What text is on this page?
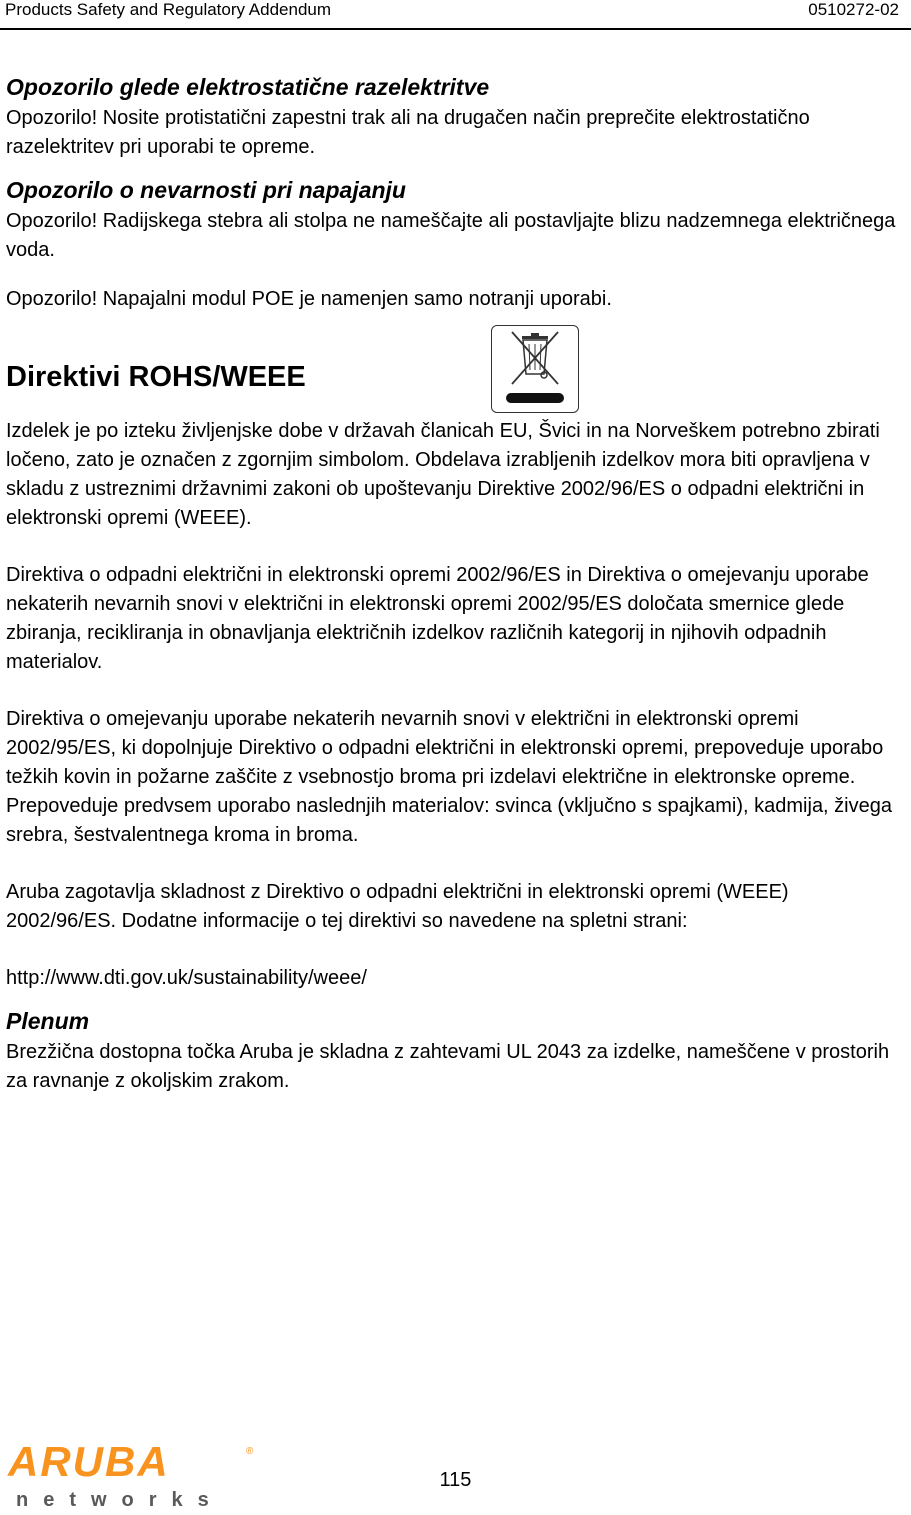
Products Safety and Regulatory Addendum	0510272-02
Opozorilo glede elektrostatične razelektritve

Opozorilo! Nosite protistatični zapestni trak ali na drugačen način preprečite elektrostatično razelektritev pri uporabi te opreme.

Opozorilo o nevarnosti pri napajanju

Opozorilo! Radijskega stebra ali stolpa ne nameščajte ali postavljajte blizu nadzemnega električnega voda.

Opozorilo! Napajalni modul POE je namenjen samo notranji uporabi.

Direktivi ROHS/WEEE

Izdelek je po izteku življenjske dobe v državah članicah EU, Švici in na Norveškem potrebno zbirati ločeno, zato je označen z zgornjim simbolom. Obdelava izrabljenih izdelkov mora biti opravljena v skladu z ustreznimi državnimi zakoni ob upoštevanju Direktive 2002/96/ES o odpadni električni in elektronski opremi (WEEE).

Direktiva o odpadni električni in elektronski opremi 2002/96/ES in Direktiva o omejevanju uporabe nekaterih nevarnih snovi v električni in elektronski opremi 2002/95/ES določata smernice glede zbiranja, recikliranja in obnavljanja električnih izdelkov različnih kategorij in njihovih odpadnih materialov.

Direktiva o omejevanju uporabe nekaterih nevarnih snovi v električni in elektronski opremi 2002/95/ES, ki dopolnjuje Direktivo o odpadni električni in elektronski opremi, prepoveduje uporabo težkih kovin in požarne zaščite z vsebnostjo broma pri izdelavi električne in elektronske opreme. Prepoveduje predvsem uporabo naslednjih materialov: svinca (vključno s spajkami), kadmija, živega srebra, šestvalentnega kroma in broma.

Aruba zagotavlja skladnost z Direktivo o odpadni električni in elektronski opremi (WEEE) 2002/96/ES. Dodatne informacije o tej direktivi so navedene na spletni strani:

http://www.dti.gov.uk/sustainability/weee/

Plenum

Brezžična dostopna točka Aruba je skladna z zahtevami UL 2043 za izdelke, nameščene v prostorih za ravnanje z okoljskim zrakom.

ARUBA	®
networks
115
